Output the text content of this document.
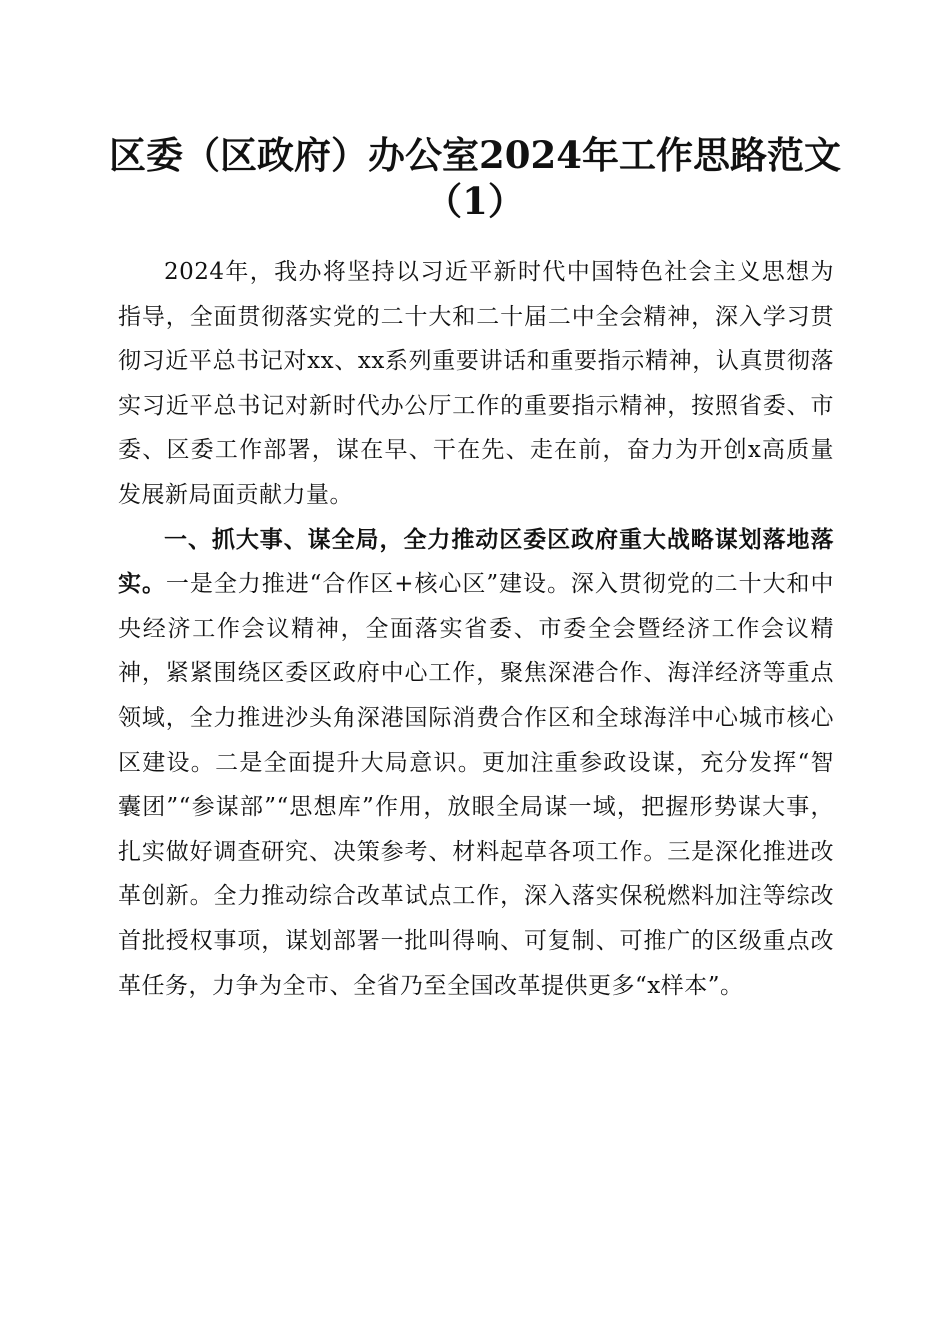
区委（区政府）办公室2024年工作思路范文
（1）

2024年，我办将坚持以习近平新时代中国特色社会主义思想为指导，全面贯彻落实党的二十大和二十届二中全会精神，深入学习贯彻习近平总书记对xx、xx系列重要讲话和重要指示精神，认真贯彻落实习近平总书记对新时代办公厅工作的重要指示精神，按照省委、市委、区委工作部署，谋在早、干在先、走在前，奋力为开创x高质量发展新局面贡献力量。

一、抓大事、谋全局，全力推动区委区政府重大战略谋划落地落实。一是全力推进“合作区+核心区”建设。深入贯彻党的二十大和中央经济工作会议精神，全面落实省委、市委全会暨经济工作会议精神，紧紧围绕区委区政府中心工作，聚焦深港合作、海洋经济等重点领域，全力推进沙头角深港国际消费合作区和全球海洋中心城市核心区建设。二是全面提升大局意识。更加注重参政设谋，充分发挥“智囊团”“参谋部”“思想库”作用，放眼全局谋一域，把握形势谋大事，扎实做好调查研究、决策参考、材料起草各项工作。三是深化推进改革创新。全力推动综合改革试点工作，深入落实保税燃料加注等综改首批授权事项，谋划部署一批叫得响、可复制、可推广的区级重点改革任务，力争为全市、全省乃至全国改革提供更多“x样本”。
